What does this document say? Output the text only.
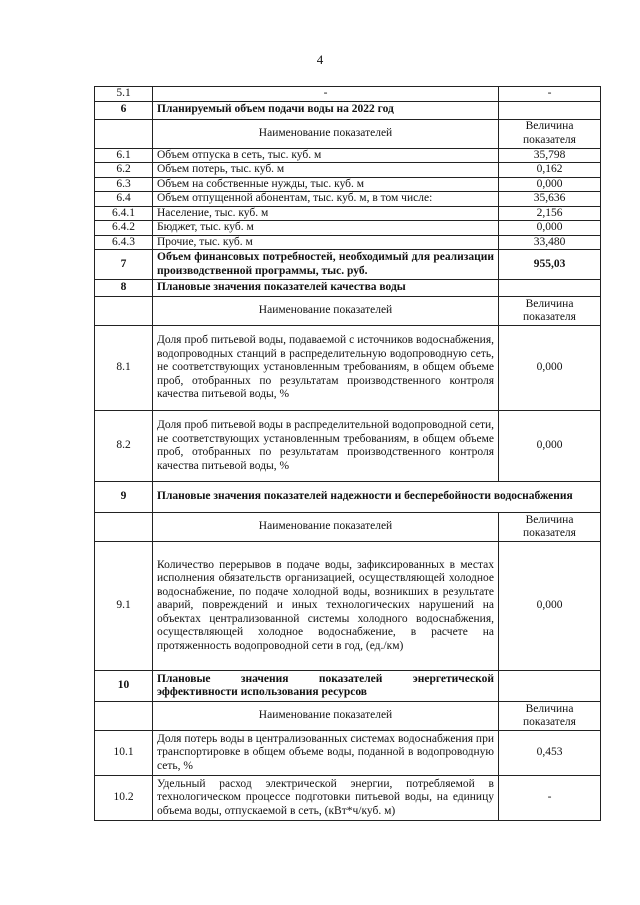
4
5.1	-	-
6	Планируемый объем подачи воды на 2022 год	
	Наименование показателей	Величина показателя
6.1	Объем отпуска в сеть, тыс. куб. м	35,798
6.2	Объем потерь, тыс. куб. м	0,162
6.3	Объем на собственные нужды, тыс. куб. м	0,000
6.4	Объем отпущенной абонентам, тыс. куб. м, в том числе:	35,636
6.4.1	Население, тыс. куб. м	2,156
6.4.2	Бюджет, тыс. куб. м	0,000
6.4.3	Прочие, тыс. куб. м	33,480
7	Объем финансовых потребностей, необходимый для реализации производственной программы, тыс. руб.	955,03
8	Плановые значения показателей качества воды	
	Наименование показателей	Величина показателя
8.1	Доля проб питьевой воды, подаваемой с источников водоснабжения, водопроводных станций в распределительную водопроводную сеть, не соответствующих установленным требованиям, в общем объеме проб, отобранных по результатам производственного контроля качества питьевой воды, %	0,000
8.2	Доля проб питьевой воды в распределительной водопроводной сети, не соответствующих установленным требованиям, в общем объеме проб, отобранных по результатам производственного контроля качества питьевой воды, %	0,000
9	Плановые значения показателей надежности и бесперебойности водоснабжения	
	Наименование показателей	Величина показателя
9.1	Количество перерывов в подаче воды, зафиксированных в местах исполнения обязательств организацией, осуществляющей холодное водоснабжение, по подаче холодной воды, возникших в результате аварий, повреждений и иных технологических нарушений на объектах централизованной системы холодного водоснабжения, осуществляющей холодное водоснабжение, в расчете на протяженность водопроводной сети в год, (ед./км)	0,000
10	Плановые значения показателей энергетической эффективности использования ресурсов	
	Наименование показателей	Величина показателя
10.1	Доля потерь воды в централизованных системах водоснабжения при транспортировке в общем объеме воды, поданной в водопроводную сеть, %	0,453
10.2	Удельный расход электрической энергии, потребляемой в технологическом процессе подготовки питьевой воды, на единицу объема воды, отпускаемой в сеть, (кВт*ч/куб. м)	-
